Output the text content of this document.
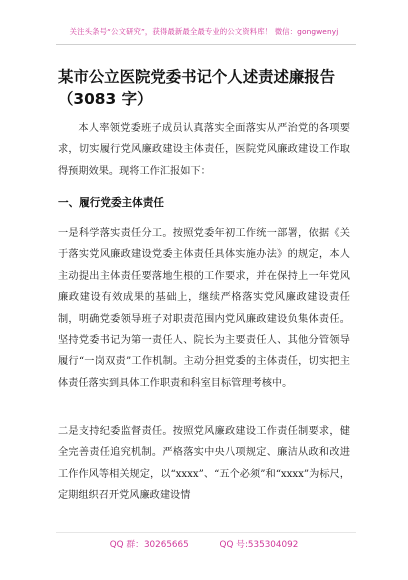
关注头条号“公文研究”，获得最新最全最专业的公文资料库！ 微信：gongwenyj
某市公立医院党委书记个人述责述廉报告
（3083 字）
本人率领党委班子成员认真落实全面落实从严治党的各项要求，切实履行党风廉政建设主体责任，医院党风廉政建设工作取得预期效果。现将工作汇报如下：
一、履行党委主体责任
一是科学落实责任分工。按照党委年初工作统一部署，依据《关于落实党风廉政建设党委主体责任具体实施办法》的规定，本人主动提出主体责任要落地生根的工作要求，并在保持上一年党风廉政建设有效成果的基础上，继续严格落实党风廉政建设责任制，明确党委领导班子对职责范围内党风廉政建设负集体责任。坚持党委书记为第一责任人、院长为主要责任人、其他分管领导履行“一岗双责”工作机制。主动分担党委的主体责任，切实把主体责任落实到具体工作职责和科室目标管理考核中。
二是支持纪委监督责任。按照党风廉政建设工作责任制要求，健全完善责任追究机制。严格落实中央八项规定、廉洁从政和改进工作作风等相关规定，以“xxxx”、“五个必须”和“xxxx”为标尺，定期组织召开党风廉政建设情
QQ 群：30265665	QQ 号:535304092
